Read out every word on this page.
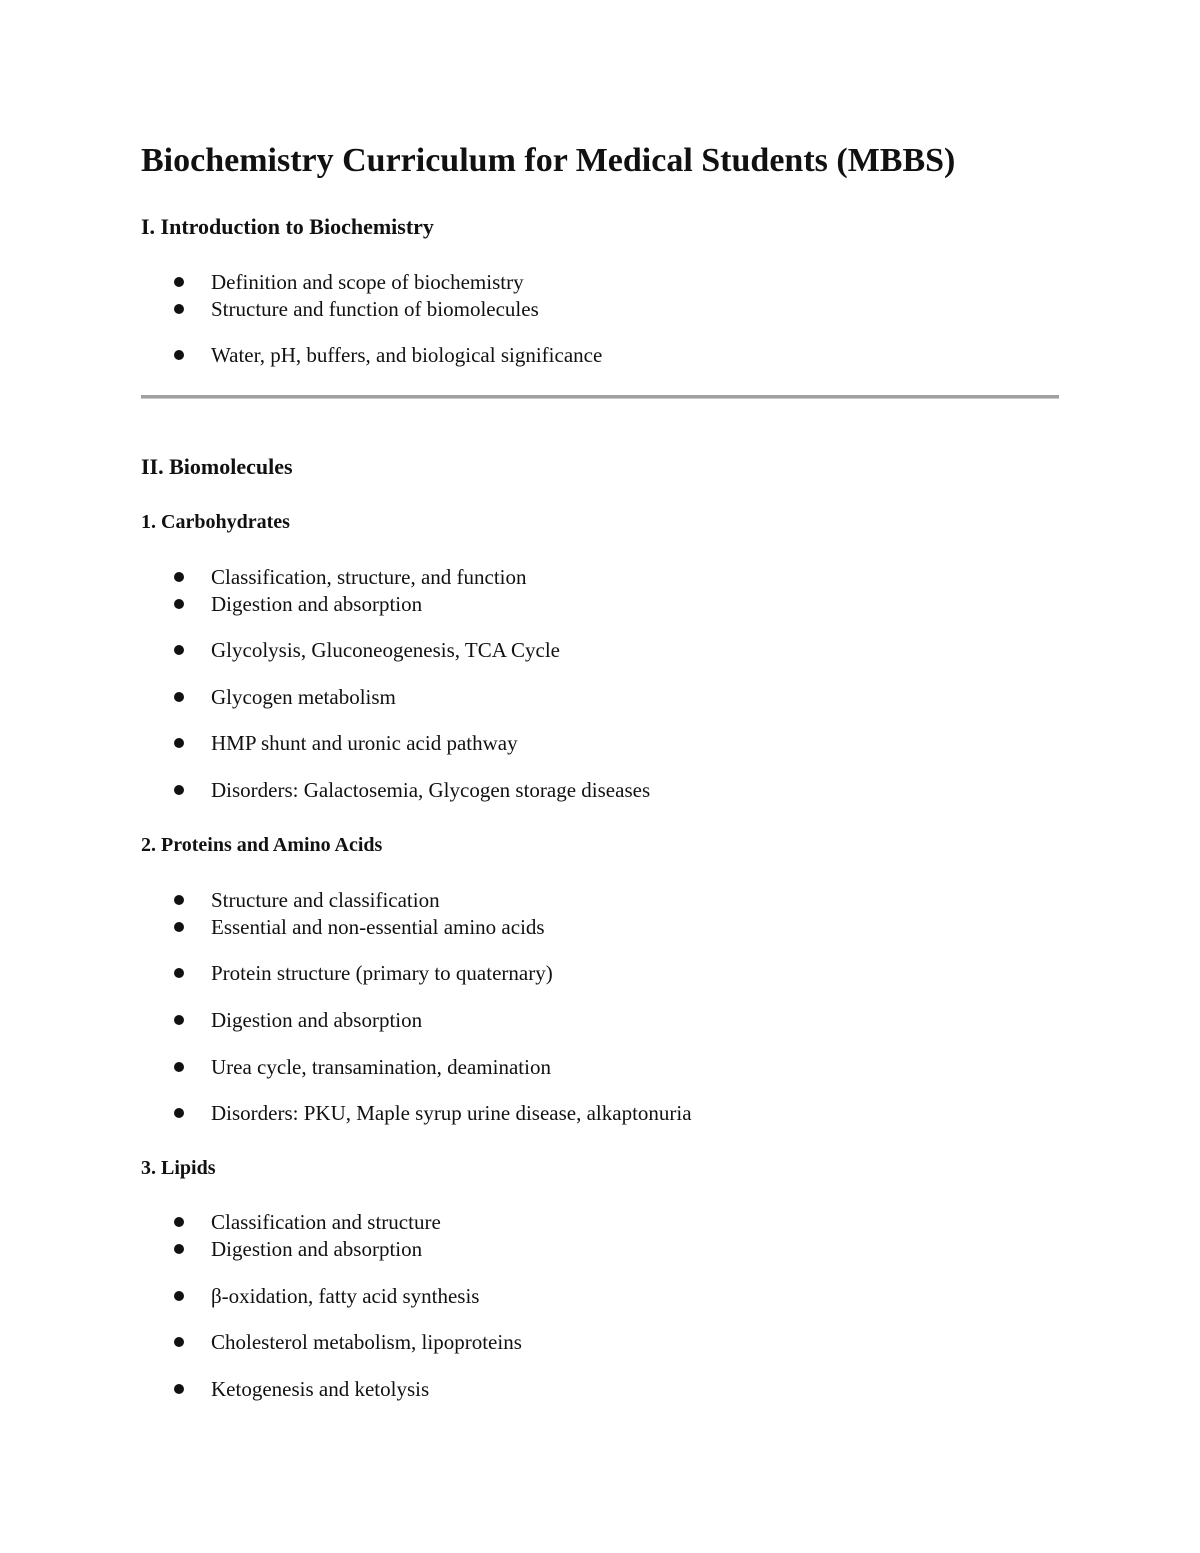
Biochemistry Curriculum for Medical Students (MBBS)
I. Introduction to Biochemistry
Definition and scope of biochemistry
Structure and function of biomolecules
Water, pH, buffers, and biological significance
II. Biomolecules
1. Carbohydrates
Classification, structure, and function
Digestion and absorption
Glycolysis, Gluconeogenesis, TCA Cycle
Glycogen metabolism
HMP shunt and uronic acid pathway
Disorders: Galactosemia, Glycogen storage diseases
2. Proteins and Amino Acids
Structure and classification
Essential and non-essential amino acids
Protein structure (primary to quaternary)
Digestion and absorption
Urea cycle, transamination, deamination
Disorders: PKU, Maple syrup urine disease, alkaptonuria
3. Lipids
Classification and structure
Digestion and absorption
β-oxidation, fatty acid synthesis
Cholesterol metabolism, lipoproteins
Ketogenesis and ketolysis
